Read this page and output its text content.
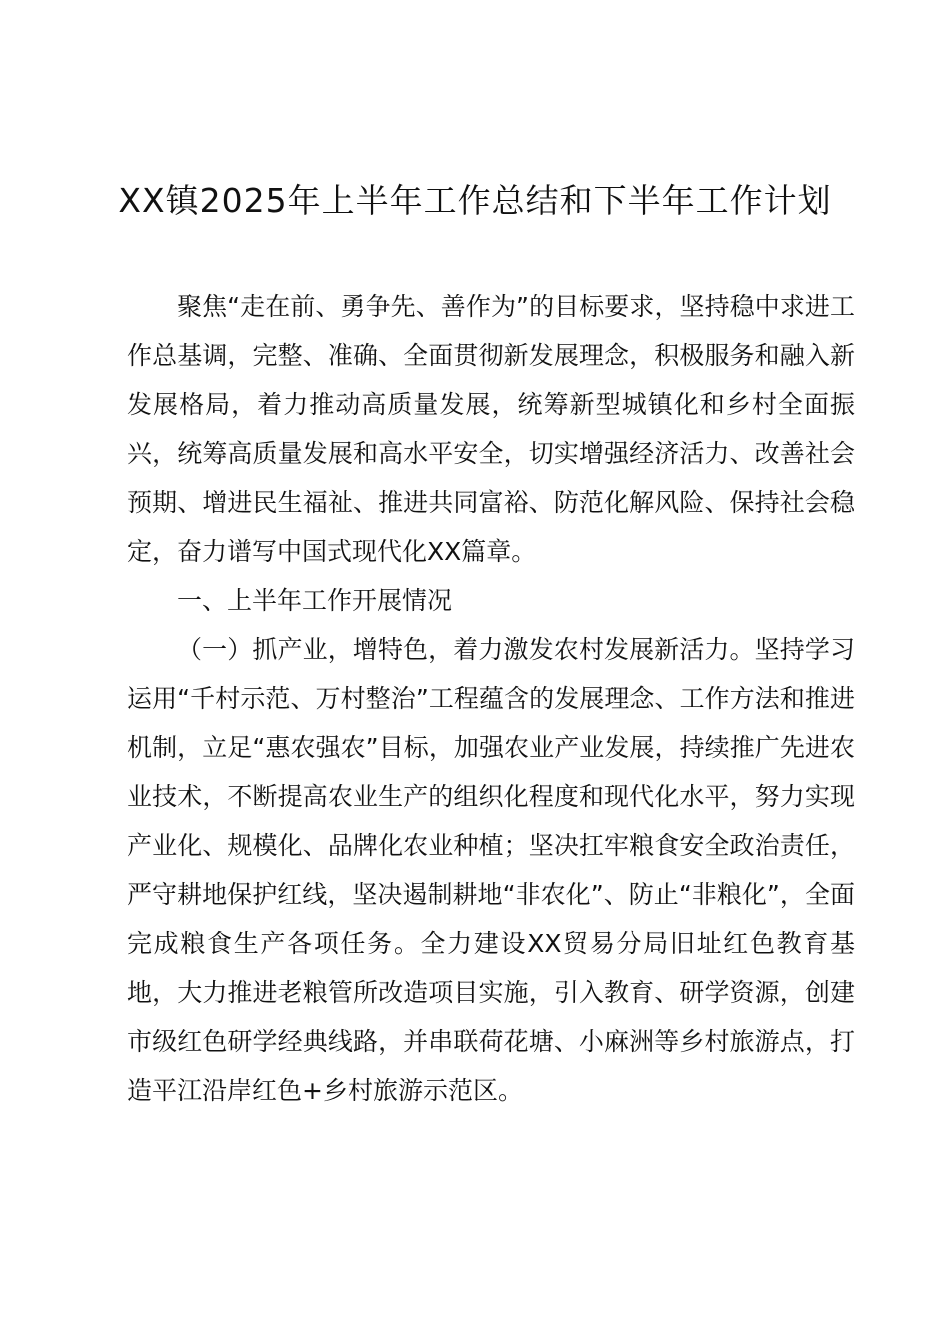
XX镇2025年上半年工作总结和下半年工作计划

聚焦“走在前、勇争先、善作为”的目标要求，坚持稳中求进工作总基调，完整、准确、全面贯彻新发展理念，积极服务和融入新发展格局，着力推动高质量发展，统筹新型城镇化和乡村全面振兴，统筹高质量发展和高水平安全，切实增强经济活力、改善社会预期、增进民生福祉、推进共同富裕、防范化解风险、保持社会稳定，奋力谱写中国式现代化XX篇章。

一、上半年工作开展情况

（一）抓产业，增特色，着力激发农村发展新活力。坚持学习运用“千村示范、万村整治”工程蕴含的发展理念、工作方法和推进机制，立足“惠农强农”目标，加强农业产业发展，持续推广先进农业技术，不断提高农业生产的组织化程度和现代化水平，努力实现产业化、规模化、品牌化农业种植；坚决扛牢粮食安全政治责任，严守耕地保护红线，坚决遏制耕地“非农化”、防止“非粮化”，全面完成粮食生产各项任务。全力建设XX贸易分局旧址红色教育基地，大力推进老粮管所改造项目实施，引入教育、研学资源，创建市级红色研学经典线路，并串联荷花塘、小麻洲等乡村旅游点，打造平江沿岸红色+乡村旅游示范区。
